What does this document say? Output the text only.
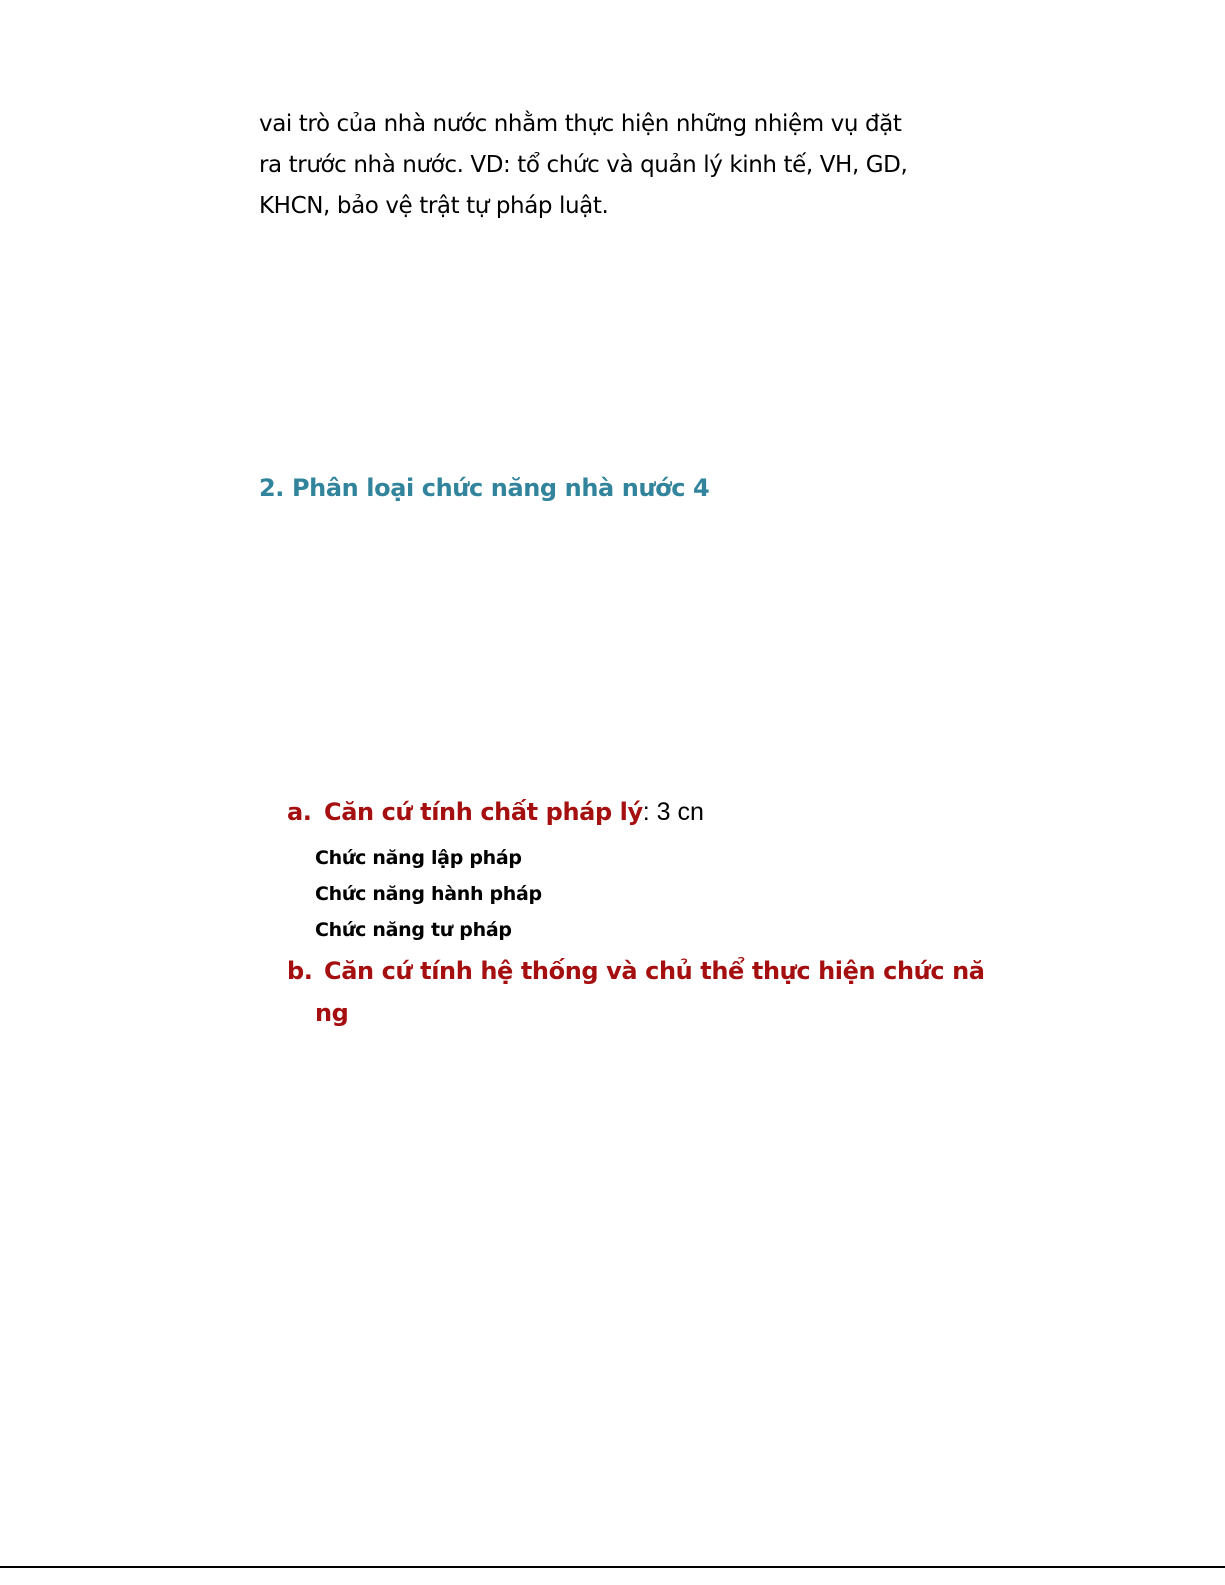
vai trò của nhà nước nhằm thực hiện những nhiệm vụ đặt
ra trước nhà nước. VD: tổ chức và quản lý kinh tế, VH, GD,
KHCN, bảo vệ trật tự pháp luật.
2. Phân loại chức năng nhà nước 4
a. Căn cứ tính chất pháp lý: 3 cn
Chức năng lập pháp
Chức năng hành pháp
Chức năng tư pháp
b. Căn cứ tính hệ thống và chủ thể thực hiện chức nă
ng
